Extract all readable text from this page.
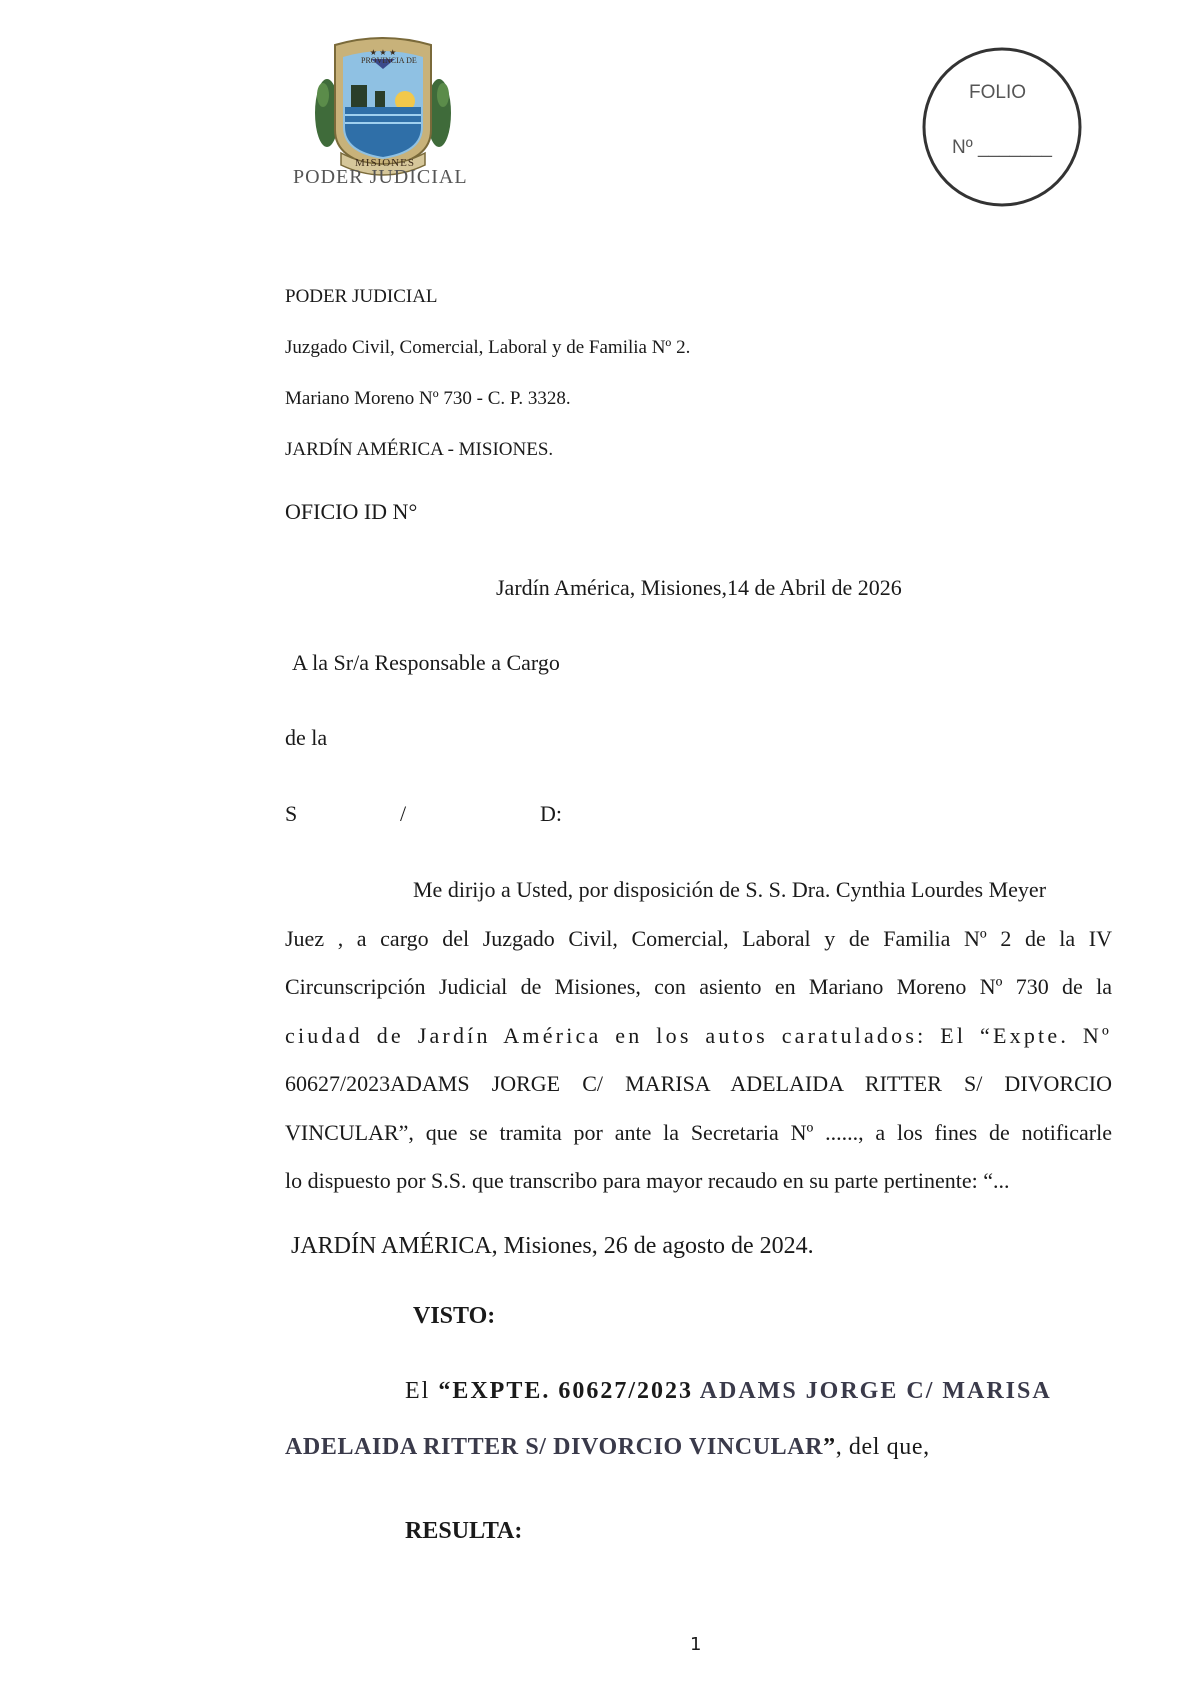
★ ★ ★
PROVINCIA DE
MISIONES
PODER JUDICIAL
FOLIO
Nº _______
PODER JUDICIAL
Juzgado Civil, Comercial, Laboral y de Familia Nº 2.
Mariano Moreno Nº 730 - C. P. 3328.
JARDÍN AMÉRICA - MISIONES.
OFICIO ID N°
Jardín América, Misiones,14 de Abril de 2026
A la Sr/a Responsable a Cargo
de la
S	/	D:

Me dirijo a Usted, por disposición de S. S. Dra. Cynthia Lourdes Meyer

Juez , a cargo del Juzgado Civil, Comercial, Laboral y de Familia Nº 2 de la IV

Circunscripción Judicial de Misiones, con asiento en Mariano Moreno Nº 730 de la

ciudad de Jardín América en los autos caratulados: El “Expte. Nº

60627/2023ADAMS JORGE C/ MARISA ADELAIDA RITTER S/ DIVORCIO

VINCULAR”, que se tramita por ante la Secretaria Nº ......, a los fines de notificarle

lo dispuesto por S.S. que transcribo para mayor recaudo en su parte pertinente: “...

JARDÍN AMÉRICA, Misiones, 26 de agosto de 2024.
VISTO:
El “EXPTE. 60627/2023 ADAMS JORGE C/ MARISA
ADELAIDA RITTER S/ DIVORCIO VINCULAR”, del que,
RESULTA:
1
